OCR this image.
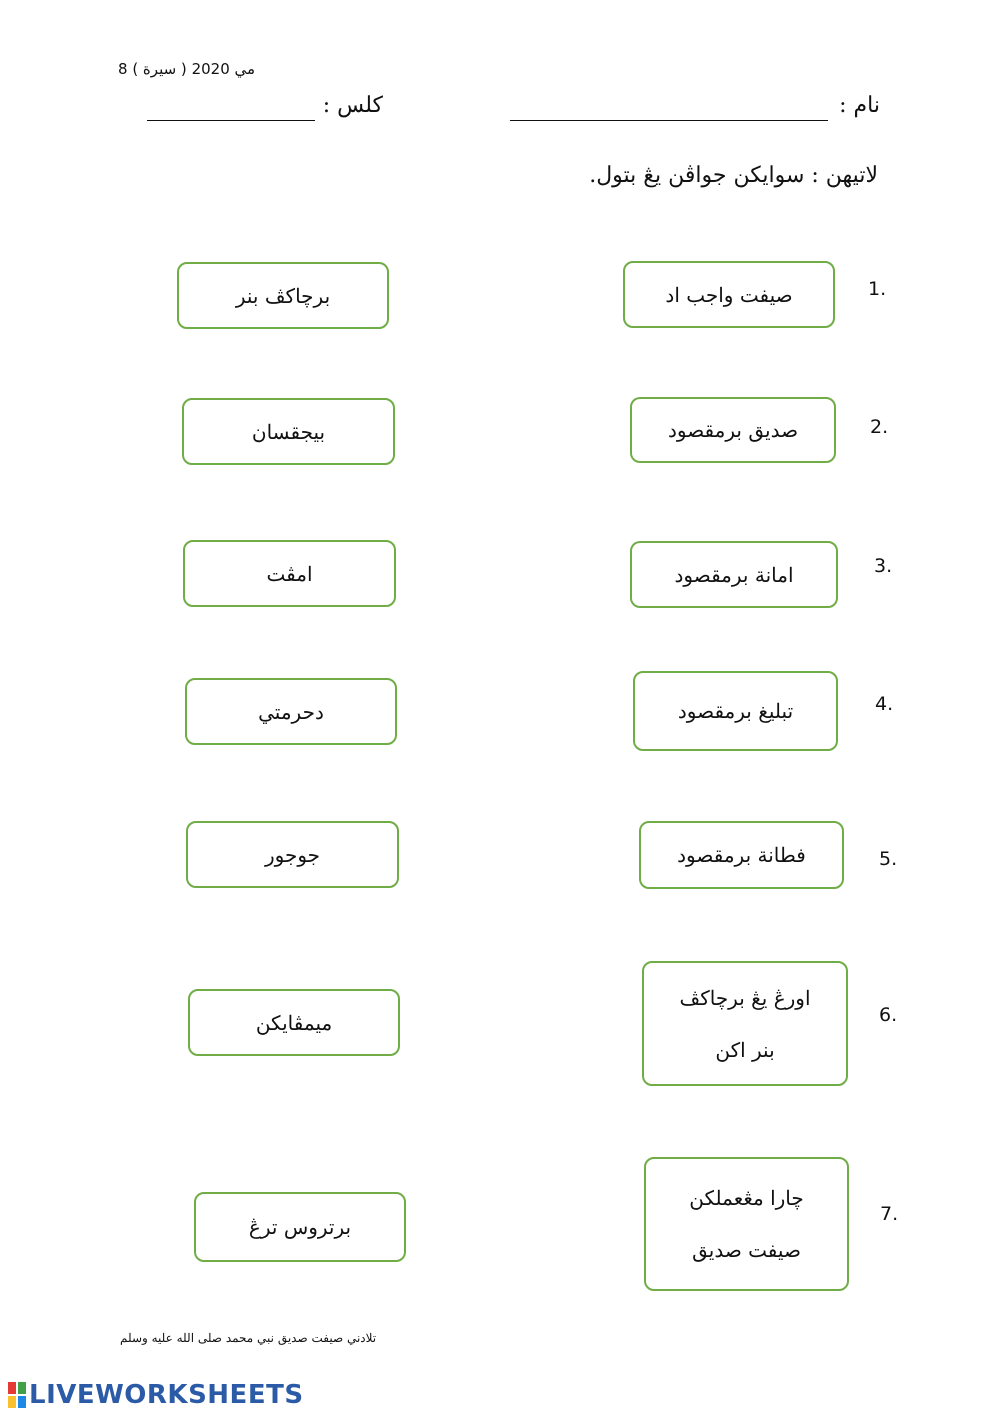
8 مي 2020 ( سيرة )
نام :
كلس :
لاتيهن : سوايكن جواڤن يڠ بتول.
صيفت واجب اد	1.
صديق برمقصود	2.
امانة برمقصود	3.
تبليغ برمقصود	4.
فطانة برمقصود	5.
اورڠ يڠ برچاكڤ
بنر اكن
6.
چارا مڠعملكن
صيفت صديق
7.
برچاكڤ بنر
بيجقسان
امڤت
دحرمتي
جوجور
ميمڤايكن
برتروس ترڠ
تلادني صيفت صديق نبي محمد صلى الله عليه وسلم
LIVEWORKSHEETS
